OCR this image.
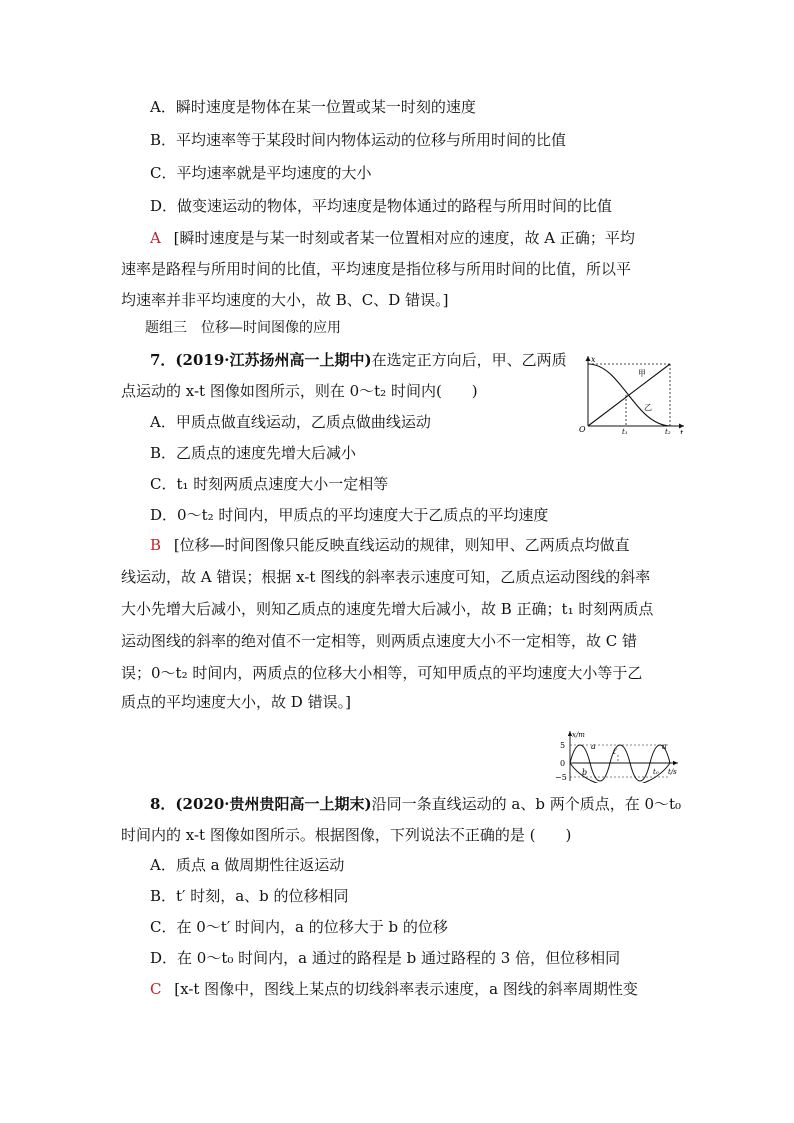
A．瞬时速度是物体在某一位置或某一时刻的速度
B．平均速率等于某段时间内物体运动的位移与所用时间的比值
C．平均速率就是平均速度的大小
D．做变速运动的物体，平均速度是物体通过的路程与所用时间的比值
A [瞬时速度是与某一时刻或者某一位置相对应的速度，故 A 正确；平均
速率是路程与所用时间的比值，平均速度是指位移与所用时间的比值，所以平
均速率并非平均速度的大小，故 B、C、D 错误。]
题组三　位移—时间图像的应用
7．(2019·江苏扬州高一上期中)在选定正方向后，甲、乙两质
点运动的 x-t 图像如图所示，则在 0～t₂ 时间内(　　)
A．甲质点做直线运动，乙质点做曲线运动
B．乙质点的速度先增大后减小
C．t₁ 时刻两质点速度大小一定相等
D．0～t₂ 时间内，甲质点的平均速度大于乙质点的平均速度
x
t
O	t₁	t₂
甲
乙
B [位移—时间图像只能反映直线运动的规律，则知甲、乙两质点均做直
线运动，故 A 错误；根据 x-t 图线的斜率表示速度可知，乙质点运动图线的斜率
大小先增大后减小，则知乙质点的速度先增大后减小，故 B 正确；t₁ 时刻两质点
运动图线的斜率的绝对值不一定相等，则两质点速度大小不一定相等，故 C 错
误；0～t₂ 时间内，两质点的位移大小相等，可知甲质点的平均速度大小等于乙
质点的平均速度大小，故 D 错误。]
x/m
t/s
5
0
−5
a	a
b
t′
t₀
8．(2020·贵州贵阳高一上期末)沿同一条直线运动的 a、b 两个质点，在 0～t₀
时间内的 x-t 图像如图所示。根据图像，下列说法不正确的是 (　　)
A．质点 a 做周期性往返运动
B．t′ 时刻，a、b 的位移相同
C．在 0～t′ 时间内，a 的位移大于 b 的位移
D．在 0～t₀ 时间内，a 通过的路程是 b 通过路程的 3 倍，但位移相同
C [x-t 图像中，图线上某点的切线斜率表示速度，a 图线的斜率周期性变
